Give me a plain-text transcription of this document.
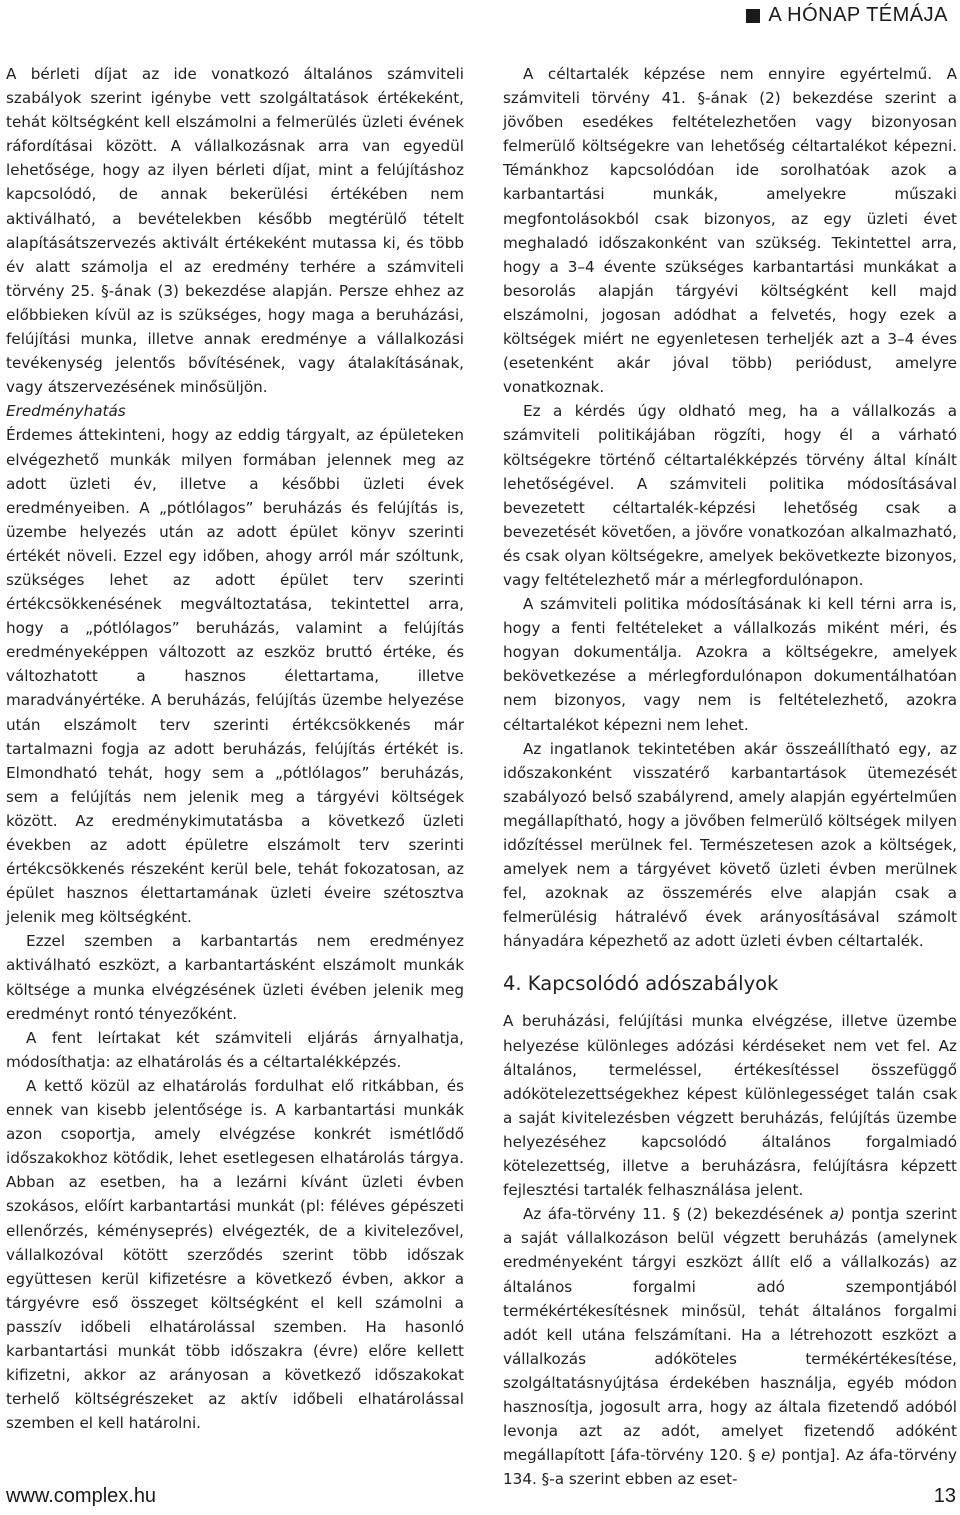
A HÓNAP TÉMÁJA

A bérleti díjat az ide vonatkozó általános számviteli szabályok szerint igénybe vett szolgáltatások értékeként, tehát költségként kell elszámolni a felmerülés üzleti évének ráfordításai között. A vállalkozásnak arra van egyedül lehetősége, hogy az ilyen bérleti díjat, mint a felújításhoz kapcsolódó, de annak bekerülési értékében nem aktiválható, a bevételekben később megtérülő tételt alapításátszervezés aktivált értékeként mutassa ki, és több év alatt számolja el az eredmény terhére a számviteli törvény 25. §-ának (3) bekezdése alapján. Persze ehhez az előbbieken kívül az is szükséges, hogy maga a beruházási, felújítási munka, illetve annak eredménye a vállalkozási tevékenység jelentős bővítésének, vagy átalakításának, vagy átszervezésének minősüljön.

Eredményhatás

Érdemes áttekinteni, hogy az eddig tárgyalt, az épületeken elvégezhető munkák milyen formában jelennek meg az adott üzleti év, illetve a későbbi üzleti évek eredményeiben. A „pótlólagos” beruházás és felújítás is, üzembe helyezés után az adott épület könyv szerinti értékét növeli. Ezzel egy időben, ahogy arról már szóltunk, szükséges lehet az adott épület terv szerinti értékcsökkenésének megváltoztatása, tekintettel arra, hogy a „pótlólagos” beruházás, valamint a felújítás eredményeképpen változott az eszköz bruttó értéke, és változhatott a hasznos élettartama, illetve maradványértéke. A beruházás, felújítás üzembe helyezése után elszámolt terv szerinti értékcsökkenés már tartalmazni fogja az adott beruházás, felújítás értékét is. Elmondható tehát, hogy sem a „pótlólagos” beruházás, sem a felújítás nem jelenik meg a tárgyévi költségek között. Az eredménykimutatásba a következő üzleti években az adott épületre elszámolt terv szerinti értékcsökkenés részeként kerül bele, tehát fokozatosan, az épület hasznos élettartamának üzleti éveire szétosztva jelenik meg költségként.

Ezzel szemben a karbantartás nem eredményez aktiválható eszközt, a karbantartásként elszámolt munkák költsége a munka elvégzésének üzleti évében jelenik meg eredményt rontó tényezőként.

A fent leírtakat két számviteli eljárás árnyalhatja, módosíthatja: az elhatárolás és a céltartalékképzés.

A kettő közül az elhatárolás fordulhat elő ritkábban, és ennek van kisebb jelentősége is. A karbantartási munkák azon csoportja, amely elvégzése konkrét ismétlődő időszakokhoz kötődik, lehet esetlegesen elhatárolás tárgya. Abban az esetben, ha a lezárni kívánt üzleti évben szokásos, előírt karbantartási munkát (pl: féléves gépészeti ellenőrzés, kéményseprés) elvégezték, de a kivitelezővel, vállalkozóval kötött szerződés szerint több időszak együttesen kerül kifizetésre a következő évben, akkor a tárgyévre eső összeget költségként el kell számolni a passzív időbeli elhatárolással szemben. Ha hasonló karbantartási munkát több időszakra (évre) előre kellett kifizetni, akkor az arányosan a következő időszakokat terhelő költségrészeket az aktív időbeli elhatárolással szemben el kell határolni.

A céltartalék képzése nem ennyire egyértelmű. A számviteli törvény 41. §-ának (2) bekezdése szerint a jövőben esedékes feltételezhetően vagy bizonyosan felmerülő költségekre van lehetőség céltartalékot képezni. Témánkhoz kapcsolódóan ide sorolhatóak azok a karbantartási munkák, amelyekre műszaki megfontolásokból csak bizonyos, az egy üzleti évet meghaladó időszakonként van szükség. Tekintettel arra, hogy a 3–4 évente szükséges karbantartási munkákat a besorolás alapján tárgyévi költségként kell majd elszámolni, jogosan adódhat a felvetés, hogy ezek a költségek miért ne egyenletesen terheljék azt a 3–4 éves (esetenként akár jóval több) periódust, amelyre vonatkoznak.

Ez a kérdés úgy oldható meg, ha a vállalkozás a számviteli politikájában rögzíti, hogy él a várható költségekre történő céltartalékképzés törvény által kínált lehetőségével. A számviteli politika módosításával bevezetett céltartalék-képzési lehetőség csak a bevezetését követően, a jövőre vonatkozóan alkalmazható, és csak olyan költségekre, amelyek bekövetkezte bizonyos, vagy feltételezhető már a mérlegfordulónapon.

A számviteli politika módosításának ki kell térni arra is, hogy a fenti feltételeket a vállalkozás miként méri, és hogyan dokumentálja. Azokra a költségekre, amelyek bekövetkezése a mérlegfordulónapon dokumentálhatóan nem bizonyos, vagy nem is feltételezhető, azokra céltartalékot képezni nem lehet.

Az ingatlanok tekintetében akár összeállítható egy, az időszakonként visszatérő karbantartások ütemezését szabályozó belső szabályrend, amely alapján egyértelműen megállapítható, hogy a jövőben felmerülő költségek milyen időzítéssel merülnek fel. Természetesen azok a költségek, amelyek nem a tárgyévet követő üzleti évben merülnek fel, azoknak az összemérés elve alapján csak a felmerülésig hátralévő évek arányosításával számolt hányadára képezhető az adott üzleti évben céltartalék.

4. Kapcsolódó adószabályok

A beruházási, felújítási munka elvégzése, illetve üzembe helyezése különleges adózási kérdéseket nem vet fel. Az általános, termeléssel, értékesítéssel összefüggő adókötelezettségekhez képest különlegességet talán csak a saját kivitelezésben végzett beruházás, felújítás üzembe helyezéséhez kapcsolódó általános forgalmiadó kötelezettség, illetve a beruházásra, felújításra képzett fejlesztési tartalék felhasználása jelent.

Az áfa-törvény 11. § (2) bekezdésének a) pontja szerint a saját vállalkozáson belül végzett beruházás (amelynek eredményeként tárgyi eszközt állít elő a vállalkozás) az általános forgalmi adó szempontjából termékértékesítésnek minősül, tehát általános forgalmi adót kell utána felszámítani. Ha a létrehozott eszközt a vállalkozás adóköteles termékértékesítése, szolgáltatásnyújtása érdekében használja, egyéb módon hasznosítja, jogosult arra, hogy az általa fizetendő adóból levonja azt az adót, amelyet fizetendő adóként megállapított [áfa-törvény 120. § e) pontja]. Az áfa-törvény 134. §-a szerint ebben az eset-

www.complex.hu	13
